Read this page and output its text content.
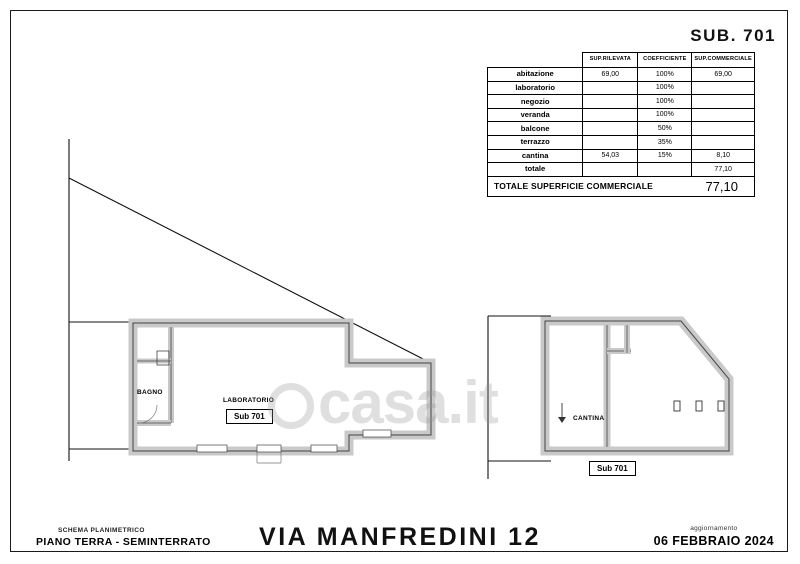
SUB. 701
	SUP.RILEVATA	COEFFICIENTE	SUP.COMMERCIALE
abitazione	69,00	100%	69,00
laboratorio		100%	
negozio		100%	
veranda		100%	
balcone		50%	
terrazzo		35%	
cantina	54,03	15%	8,10
totale			77,10
TOTALE SUPERFICIE COMMERCIALE	77,10
BAGNO
LABORATORIO
Sub 701	CANTINA
Sub 701
casa.it
SCHEMA PLANIMETRICO
PIANO TERRA - SEMINTERRATO	VIA MANFREDINI 12	aggiornamento
06 FEBBRAIO 2024
